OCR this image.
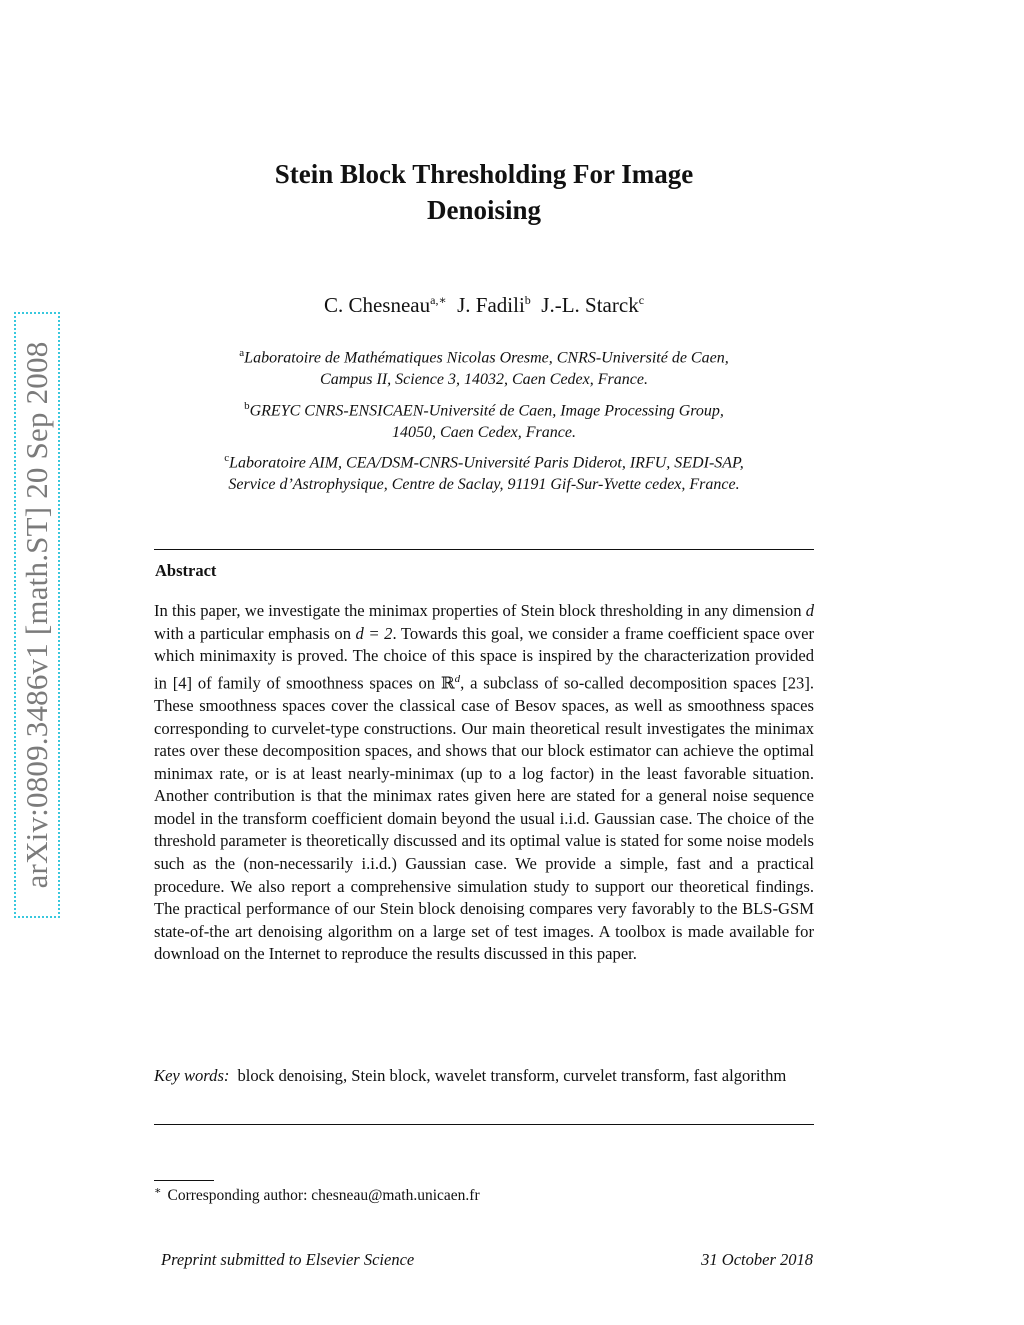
arXiv:0809.3486v1 [math.ST] 20 Sep 2008
Stein Block Thresholding For Image
Denoising
C. Chesneau$^{a,∗}$ J. Fadili$^b$ J.-L. Starck$^c$
$^a$Laboratoire de Mathématiques Nicolas Oresme, CNRS-Université de Caen,
Campus II, Science 3, 14032, Caen Cedex, France.
$^b$GREYC CNRS-ENSICAEN-Université de Caen, Image Processing Group,
14050, Caen Cedex, France.
$^c$Laboratoire AIM, CEA/DSM-CNRS-Université Paris Diderot, IRFU, SEDI-SAP,
Service d’Astrophysique, Centre de Saclay, 91191 Gif-Sur-Yvette cedex, France.
Abstract
In this paper, we investigate the minimax properties of Stein block thresholding in any dimension d with a particular emphasis on d = 2. Towards this goal, we consider a frame coefficient space over which minimaxity is proved. The choice of this space is inspired by the characterization provided in [4] of family of smoothness spaces on ℝ$^d$, a subclass of so-called decomposition spaces [23]. These smoothness spaces cover the classical case of Besov spaces, as well as smoothness spaces corresponding to curvelet-type constructions. Our main theoretical result investigates the minimax rates over these decomposition spaces, and shows that our block estimator can achieve the optimal minimax rate, or is at least nearly-minimax (up to a log factor) in the least favorable situation. Another contribution is that the minimax rates given here are stated for a general noise sequence model in the transform coefficient domain beyond the usual i.i.d. Gaussian case. The choice of the threshold parameter is theoretically discussed and its optimal value is stated for some noise models such as the (non-necessarily i.i.d.) Gaussian case. We provide a simple, fast and a practical procedure. We also report a comprehensive simulation study to support our theoretical findings. The practical performance of our Stein block denoising compares very favorably to the BLS-GSM state-of-the art denoising algorithm on a large set of test images. A toolbox is made available for download on the Internet to reproduce the results discussed in this paper.
Key words: block denoising, Stein block, wavelet transform, curvelet transform, fast algorithm
∗ Corresponding author: chesneau@math.unicaen.fr
Preprint submitted to Elsevier Science	31 October 2018
